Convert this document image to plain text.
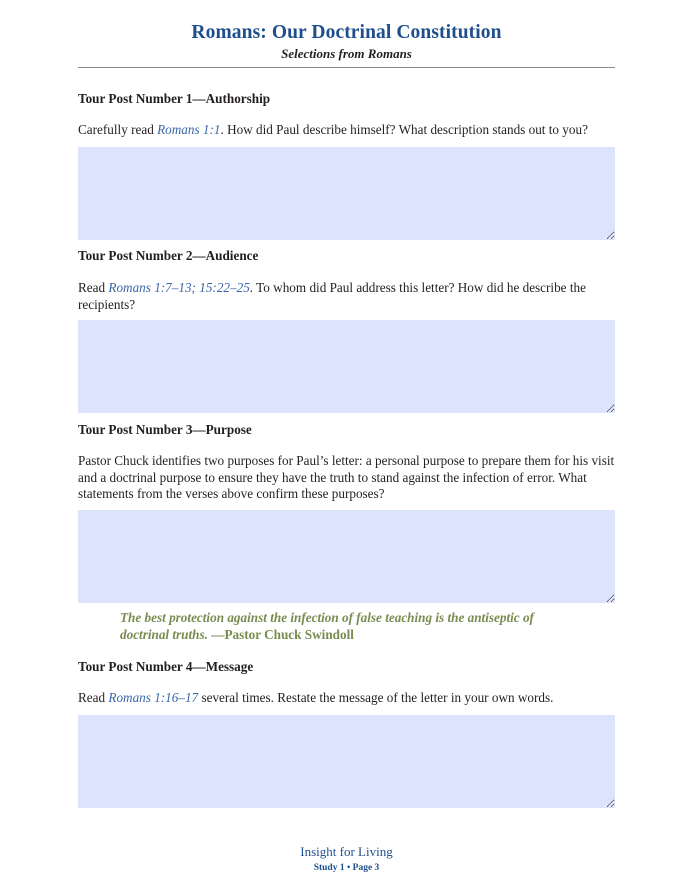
Romans: Our Doctrinal Constitution
Selections from Romans
Tour Post Number 1—Authorship
Carefully read Romans 1:1. How did Paul describe himself? What description stands out to you?
Tour Post Number 2—Audience
Read Romans 1:7–13; 15:22–25. To whom did Paul address this letter? How did he describe the recipients?
Tour Post Number 3—Purpose
Pastor Chuck identifies two purposes for Paul’s letter: a personal purpose to prepare them for his visit and a doctrinal purpose to ensure they have the truth to stand against the infection of error. What statements from the verses above confirm these purposes?
The best protection against the infection of false teaching is the antiseptic of doctrinal truths. —Pastor Chuck Swindoll
Tour Post Number 4—Message
Read Romans 1:16–17 several times. Restate the message of the letter in your own words.
Insight for Living
Study 1 • Page 3
